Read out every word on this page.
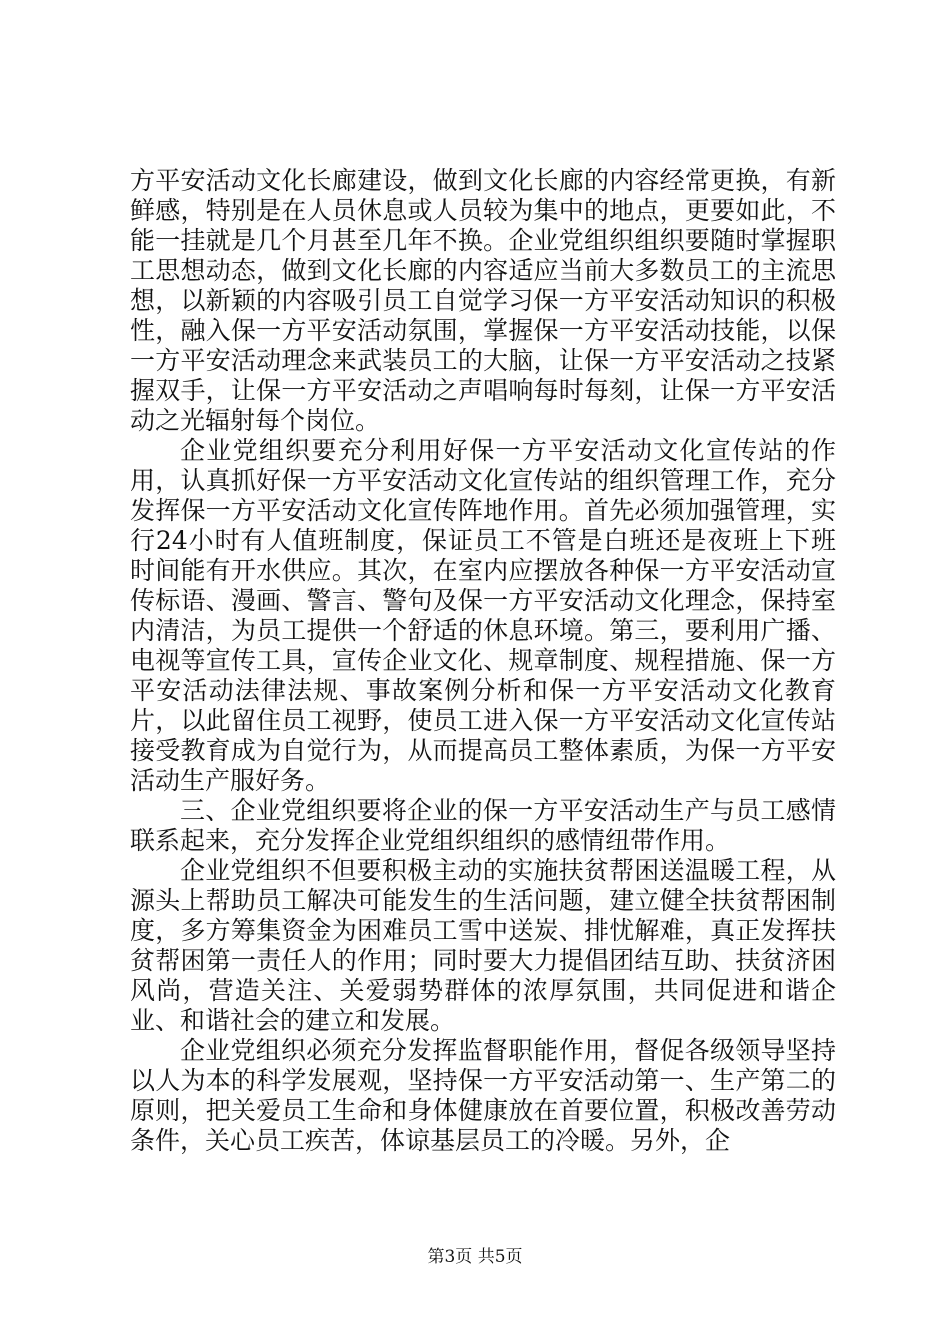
方平安活动文化长廊建设，做到文化长廊的内容经常更换，有新鲜感，特别是在人员休息或人员较为集中的地点，更要如此，不能一挂就是几个月甚至几年不换。企业党组织组织要随时掌握职工思想动态，做到文化长廊的内容适应当前大多数员工的主流思想，以新颖的内容吸引员工自觉学习保一方平安活动知识的积极性，融入保一方平安活动氛围，掌握保一方平安活动技能，以保一方平安活动理念来武装员工的大脑，让保一方平安活动之技紧握双手，让保一方平安活动之声唱响每时每刻，让保一方平安活动之光辐射每个岗位。

企业党组织要充分利用好保一方平安活动文化宣传站的作用，认真抓好保一方平安活动文化宣传站的组织管理工作，充分发挥保一方平安活动文化宣传阵地作用。首先必须加强管理，实行24小时有人值班制度，保证员工不管是白班还是夜班上下班时间能有开水供应。其次，在室内应摆放各种保一方平安活动宣传标语、漫画、警言、警句及保一方平安活动文化理念，保持室内清洁，为员工提供一个舒适的休息环境。第三，要利用广播、电视等宣传工具，宣传企业文化、规章制度、规程措施、保一方平安活动法律法规、事故案例分析和保一方平安活动文化教育片，以此留住员工视野，使员工进入保一方平安活动文化宣传站接受教育成为自觉行为，从而提高员工整体素质，为保一方平安活动生产服好务。

三、企业党组织要将企业的保一方平安活动生产与员工感情联系起来，充分发挥企业党组织组织的感情纽带作用。

企业党组织不但要积极主动的实施扶贫帮困送温暖工程，从源头上帮助员工解决可能发生的生活问题，建立健全扶贫帮困制度，多方筹集资金为困难员工雪中送炭、排忧解难，真正发挥扶贫帮困第一责任人的作用；同时要大力提倡团结互助、扶贫济困风尚，营造关注、关爱弱势群体的浓厚氛围，共同促进和谐企业、和谐社会的建立和发展。

企业党组织必须充分发挥监督职能作用，督促各级领导坚持以人为本的科学发展观，坚持保一方平安活动第一、生产第二的原则，把关爱员工生命和身体健康放在首要位置，积极改善劳动条件，关心员工疾苦，体谅基层员工的冷暖。另外，企

第3页 共5页
